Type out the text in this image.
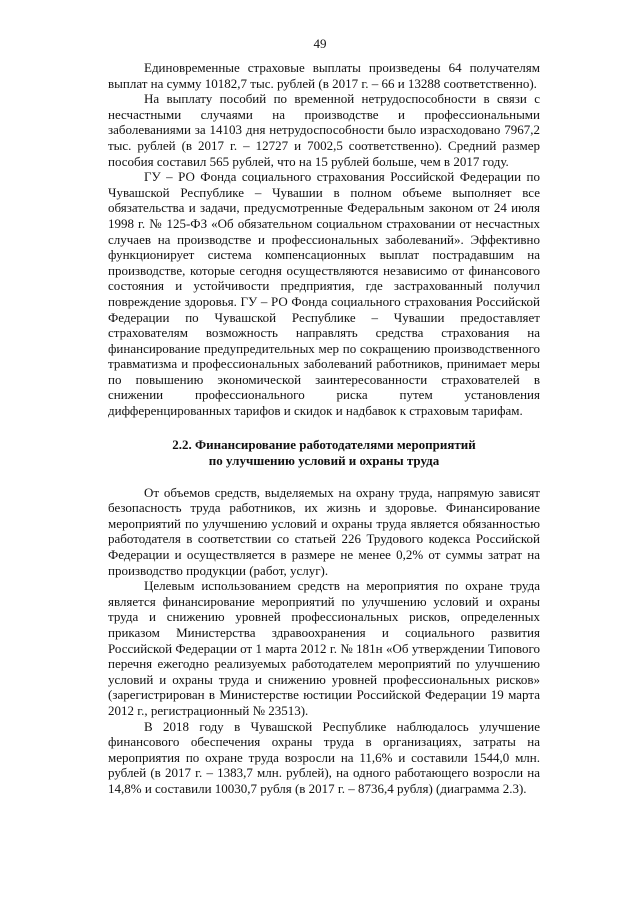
49

Единовременные страховые выплаты произведены 64 получателям выплат на сумму 10182,7 тыс. рублей (в 2017 г. – 66 и 13288 соответственно).

На выплату пособий по временной нетрудоспособности в связи с несчастными случаями на производстве и профессиональными заболеваниями за 14103 дня нетрудоспособности было израсходовано 7967,2 тыс. рублей (в 2017 г. – 12727 и 7002,5 соответственно). Средний размер пособия составил 565 рублей, что на 15 рублей больше, чем в 2017 году.

ГУ – РО Фонда социального страхования Российской Федерации по Чувашской Республике – Чувашии в полном объеме выполняет все обязательства и задачи, предусмотренные Федеральным законом от 24 июля 1998 г. № 125-ФЗ «Об обязательном социальном страховании от несчастных случаев на производстве и профессиональных заболеваний». Эффективно функционирует система компенсационных выплат пострадавшим на производстве, которые сегодня осуществляются независимо от финансового состояния и устойчивости предприятия, где застрахованный получил повреждение здоровья. ГУ – РО Фонда социального страхования Российской Федерации по Чувашской Республике – Чувашии предоставляет страхователям возможность направлять средства страхования на финансирование предупредительных мер по сокращению производственного травматизма и профессиональных заболеваний работников, принимает меры по повышению экономической заинтересованности страхователей в снижении профессионального риска путем установления дифференцированных тарифов и скидок и надбавок к страховым тарифам.

2.2. Финансирование работодателями мероприятий
по улучшению условий и охраны труда

От объемов средств, выделяемых на охрану труда, напрямую зависят безопасность труда работников, их жизнь и здоровье. Финансирование мероприятий по улучшению условий и охраны труда является обязанностью работодателя в соответствии со статьей 226 Трудового кодекса Российской Федерации и осуществляется в размере не менее 0,2% от суммы затрат на производство продукции (работ, услуг).

Целевым использованием средств на мероприятия по охране труда является финансирование мероприятий по улучшению условий и охраны труда и снижению уровней профессиональных рисков, определенных приказом Министерства здравоохранения и социального развития Российской Федерации от 1 марта 2012 г. № 181н «Об утверждении Типового перечня ежегодно реализуемых работодателем мероприятий по улучшению условий и охраны труда и снижению уровней профессиональных рисков» (зарегистрирован в Министерстве юстиции Российской Федерации 19 марта 2012 г., регистрационный № 23513).

В 2018 году в Чувашской Республике наблюдалось улучшение финансового обеспечения охраны труда в организациях, затраты на мероприятия по охране труда возросли на 11,6% и составили 1544,0 млн. рублей (в 2017 г. – 1383,7 млн. рублей), на одного работающего возросли на 14,8% и составили 10030,7 рубля (в 2017 г. – 8736,4 рубля) (диаграмма 2.3).
